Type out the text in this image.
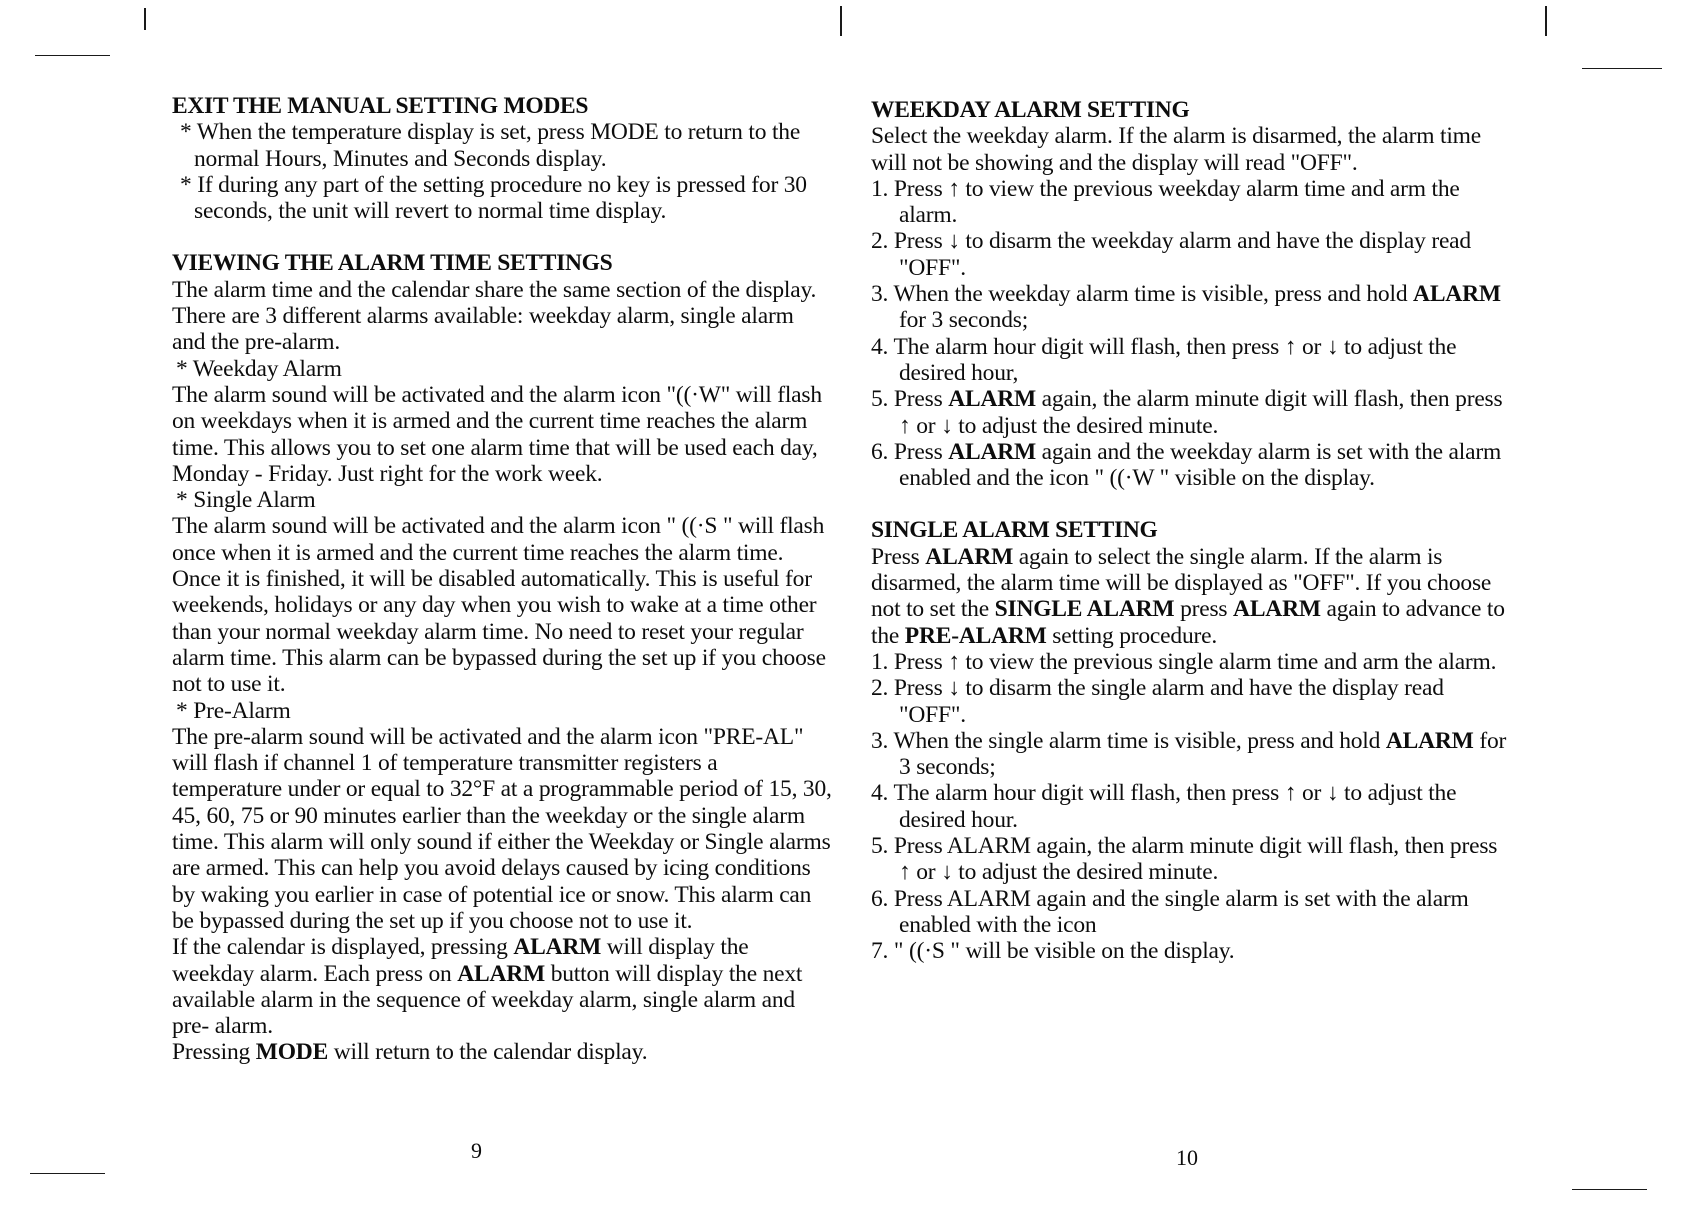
EXIT THE MANUAL SETTING MODES
* When the temperature display is set, press MODE to return to the normal Hours, Minutes and Seconds display.
* If during any part of the setting procedure no key is pressed for 30 seconds, the unit will revert to normal time display.
VIEWING THE ALARM TIME SETTINGS
The alarm time and the calendar share the same section of the display.
There are 3 different alarms available: weekday alarm, single alarm and the pre-alarm.
* Weekday Alarm
The alarm sound will be activated and the alarm icon "((·W" will flash on weekdays when it is armed and the current time reaches the alarm time. This allows you to set one alarm time that will be used each day, Monday - Friday. Just right for the work week.
* Single Alarm
The alarm sound will be activated and the alarm icon " ((·S " will flash once when it is armed and the current time reaches the alarm time. Once it is finished, it will be disabled automatically. This is useful for weekends, holidays or any day when you wish to wake at a time other than your normal weekday alarm time. No need to reset your regular alarm time. This alarm can be bypassed during the set up if you choose not to use it.
* Pre-Alarm
The pre-alarm sound will be activated and the alarm icon "PRE-AL" will flash if channel 1 of temperature transmitter registers a temperature under or equal to 32°F at a programmable period of 15, 30, 45, 60, 75 or 90 minutes earlier than the weekday or the single alarm time. This alarm will only sound if either the Weekday or Single alarms are armed. This can help you avoid delays caused by icing conditions by waking you earlier in case of potential ice or snow. This alarm can be bypassed during the set up if you choose not to use it.
If the calendar is displayed, pressing ALARM will display the weekday alarm. Each press on ALARM button will display the next available alarm in the sequence of weekday alarm, single alarm and pre- alarm.
Pressing MODE will return to the calendar display.
9
WEEKDAY ALARM SETTING
Select the weekday alarm. If the alarm is disarmed, the alarm time will not be showing and the display will read "OFF".
1. Press ↑ to view the previous weekday alarm time and arm the alarm.
2. Press ↓ to disarm the weekday alarm and have the display read "OFF".
3. When the weekday alarm time is visible, press and hold ALARM for 3 seconds;
4. The alarm hour digit will flash, then press ↑ or ↓ to adjust the desired hour,
5. Press ALARM again, the alarm minute digit will flash, then press ↑ or ↓ to adjust the desired minute.
6. Press ALARM again and the weekday alarm is set with the alarm enabled and the icon " ((·W " visible on the display.
SINGLE ALARM SETTING
Press ALARM again to select the single alarm. If the alarm is disarmed, the alarm time will be displayed as "OFF". If you choose not to set the SINGLE ALARM press ALARM again to advance to the PRE-ALARM setting procedure.
1. Press ↑ to view the previous single alarm time and arm the alarm.
2. Press ↓ to disarm the single alarm and have the display read "OFF".
3. When the single alarm time is visible, press and hold ALARM for 3 seconds;
4. The alarm hour digit will flash, then press ↑ or ↓ to adjust the desired hour.
5. Press ALARM again, the alarm minute digit will flash, then press ↑ or ↓ to adjust the desired minute.
6. Press ALARM again and the single alarm is set with the alarm enabled with the icon
7. " ((·S " will be visible on the display.
10
